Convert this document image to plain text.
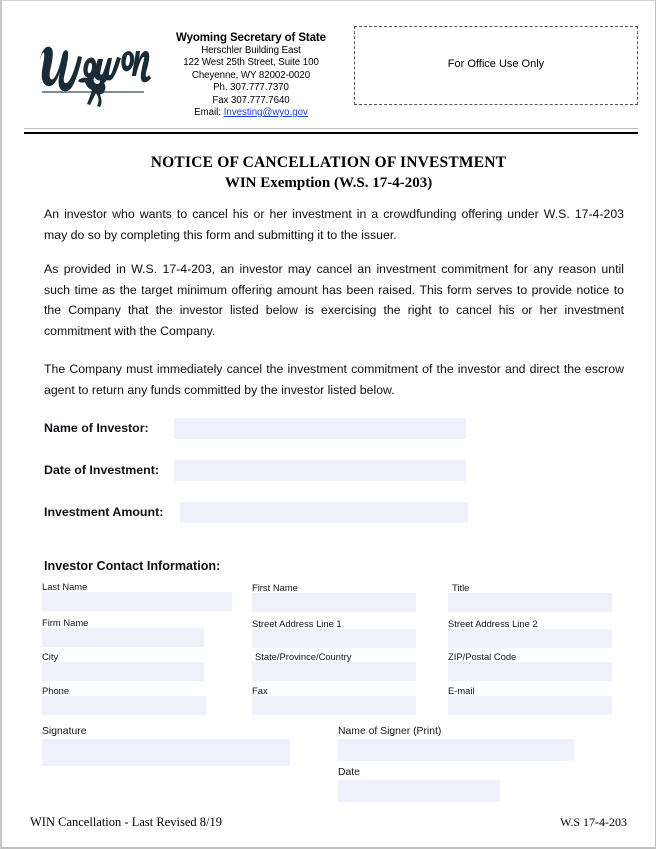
Wyoming Secretary of State
Herschler Building East
122 West 25th Street, Suite 100
Cheyenne, WY 82002-0020
Ph. 307.777.7370
Fax 307.777.7640
Email: Investing@wyo.gov
For Office Use Only
NOTICE OF CANCELLATION OF INVESTMENT
WIN Exemption (W.S. 17-4-203)
An investor who wants to cancel his or her investment in a crowdfunding offering under W.S. 17-4-203 may do so by completing this form and submitting it to the issuer.
As provided in W.S. 17-4-203, an investor may cancel an investment commitment for any reason until such time as the target minimum offering amount has been raised. This form serves to provide notice to the Company that the investor listed below is exercising the right to cancel his or her investment commitment with the Company.
The Company must immediately cancel the investment commitment of the investor and direct the escrow agent to return any funds committed by the investor listed below.
Name of Investor:
Date of Investment:
Investment Amount:
Investor Contact Information:
Last Name	First Name	Title
Firm Name	Street Address Line 1	Street Address Line 2
City	State/Province/Country	ZIP/Postal Code
Phone	Fax	E-mail
Signature	Name of Signer (Print)
Date
WIN Cancellation - Last Revised 8/19	W.S 17-4-203
